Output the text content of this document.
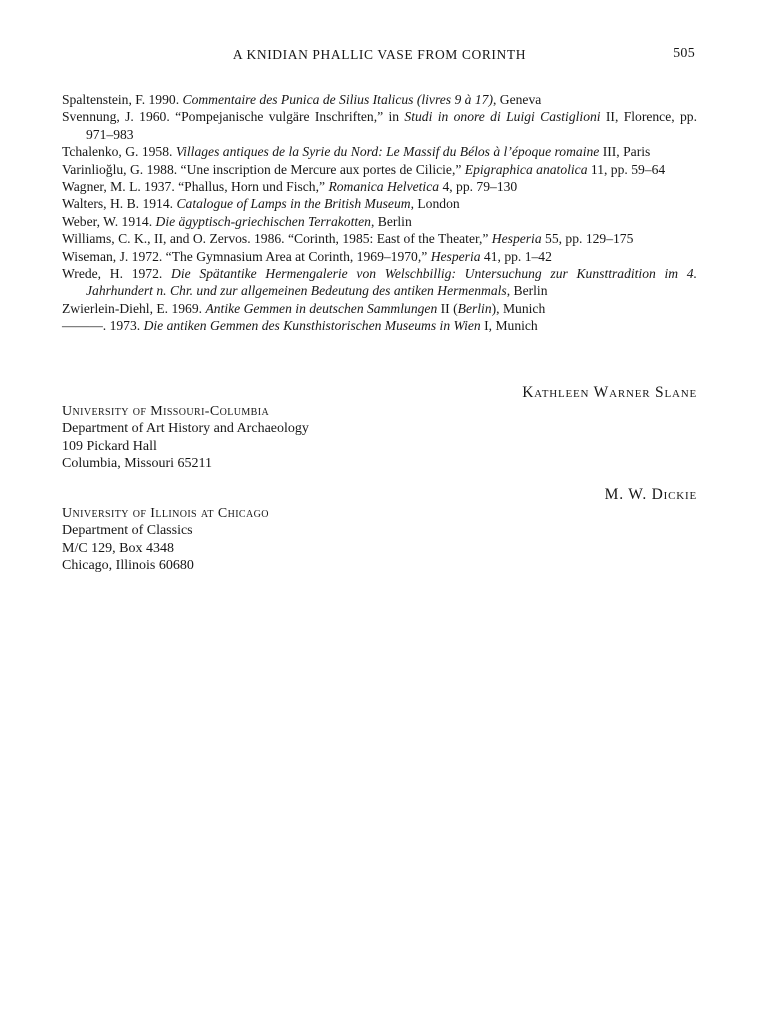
A KNIDIAN PHALLIC VASE FROM CORINTH	505

Spaltenstein, F. 1990. Commentaire des Punica de Silius Italicus (livres 9 à 17), Geneva

Svennung, J. 1960. “Pompejanische vulgäre Inschriften,” in Studi in onore di Luigi Castiglioni II, Florence, pp. 971–983

Tchalenko, G. 1958. Villages antiques de la Syrie du Nord: Le Massif du Bélos à l’époque romaine III, Paris

Varinlioğlu, G. 1988. “Une inscription de Mercure aux portes de Cilicie,” Epigraphica anatolica 11, pp. 59–64

Wagner, M. L. 1937. “Phallus, Horn und Fisch,” Romanica Helvetica 4, pp. 79–130

Walters, H. B. 1914. Catalogue of Lamps in the British Museum, London

Weber, W. 1914. Die ägyptisch-griechischen Terrakotten, Berlin

Williams, C. K., II, and O. Zervos. 1986. “Corinth, 1985: East of the Theater,” Hesperia 55, pp. 129–175

Wiseman, J. 1972. “The Gymnasium Area at Corinth, 1969–1970,” Hesperia 41, pp. 1–42

Wrede, H. 1972. Die Spätantike Hermengalerie von Welschbillig: Untersuchung zur Kunsttradition im 4. Jahrhundert n. Chr. und zur allgemeinen Bedeutung des antiken Hermenmals, Berlin

Zwierlein-Diehl, E. 1969. Antike Gemmen in deutschen Sammlungen II (Berlin), Munich

———. 1973. Die antiken Gemmen des Kunsthistorischen Museums in Wien I, Munich

Kathleen Warner Slane

University of Missouri-Columbia

Department of Art History and Archaeology

109 Pickard Hall

Columbia, Missouri 65211

M. W. Dickie

University of Illinois at Chicago

Department of Classics

M/C 129, Box 4348

Chicago, Illinois 60680
